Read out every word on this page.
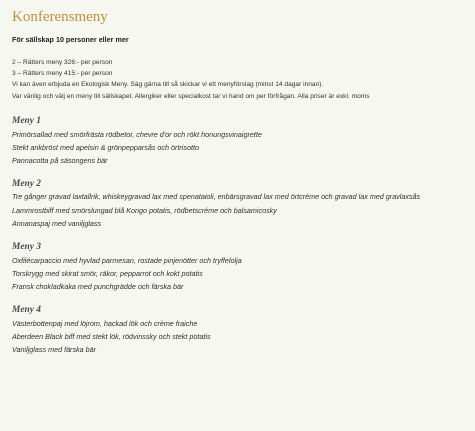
Konferensmeny
För sällskap 10 personer eller mer
2 – Rätters meny 326:- per person
3 – Rätters meny 415:- per person
Vi kan även erbjuda en Ekologisk Meny. Säg gärna till så skickar vi ett menyförslag (minst 14 dagar innan).
Var vänlig och välj en meny till sällskapet. Allergiker eller specialkost tar vi hand om per förfrågan. Alla priser är exkl. moms
Meny 1
Primörsallad med smörfrästa rödbetor, chevre d'or och rökt honungsvinaigrette
Stekt ankbröst med apelsin & grönpepparsås och örtrisotto
Pannacotta på säsongens bär
Meny 2
Tre gånger gravad laxtallrik, whiskeygravad lax med spenataioli, enbärsgravad lax med örtcréme och gravad lax med gravlaxsås
Lammrostbiff med smörslungad blå Kongo potatis, rödbetscréme och balsamicosky
Annanaspaj med vaniljglass
Meny 3
Oxfilécarpaccio med hyvlad parmesan, rostade pinjenötter och tryffelolja
Torskrygg med skirat smör, räkor, pepparrot och kokt potatis
Fransk chokladkaka med punchgrädde och färska bär
Meny 4
Västerbottenpaj med löjrom, hackad lök och crème fraiche
Aberdeen Black biff med stekt lök, rödvinssky och stekt potatis
Vaniljglass med färska bär
